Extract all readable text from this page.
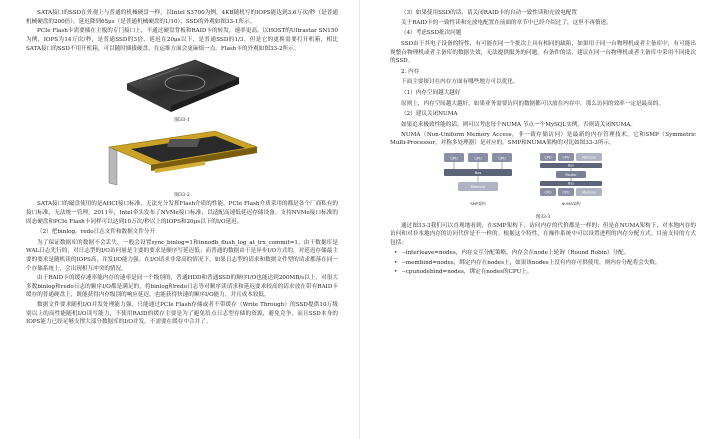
SATA接口的SSD在外观上与普通的机械硬盘一样，以Intel S3700为例，4KB随机写的IOPS能达到3.6万次/秒（是普通机械硬盘的200倍），延迟降到65μs（是普通机械硬盘的1/10），SSD的外观如图33-1所示。

PCIe Flash卡需要插在主板的专门接口上，不通过硬盘背板和RAID卡的转发，速率更高，以HOST的Ultrastar SN150 为例，IOPS为14万次/秒，是普通SSD的3倍，延迟在20μs以下，是普通SSD的1/3。但是它的更换需要打开机箱，相比SATA接口的SSD不用开机箱，可以随时插拔硬盘，在运维方面会更麻烦一点。Flash卡的外观如图33-2所示。

图33-1
图33-2

SATA接口的磁盘使用的是AHCI接口标准，无法充分发挥Flash介质的性能，PCIe Flash介质采用的都是各个厂商私有的接口标准，无法统一管理。2011年，Intel牵头发布了NVMe接口标准，以适配高速低延迟存储设备。支持NVMe接口标准的固态硬盘和PCIe Flash卡同样可以达到10万次/秒以上的IOPS和20μs以下的I/O延迟。

（2）把binlog、redo日志文件和数据文件分开

为了保证数据库的数据不会丢失，一般会设置sync_binlog=1和innodb_flush_log_at_trx_commit=1，由于数据库是WAL日志先行的，对日志型的I/O访问量是主要的要求是顺序写延迟低；而普通的数据由于是异步I/O方式的，对延迟存储最主要的要求是随机读的IOPS高，并发I/O能力强。在I/O请求非常高的情况下，如果日志型的请求和数据文件型的请求都落在同一个存储系统上，会出现相互冲突的情况。

由于RAID卡的缓存速率能内存的速率是同一个级别的，普通HDD和普通SSD的顺序I/O也能达到200MB/s以上，对很大多数binlog和redo日志的顺序I/O都是满足的，将binlog和redo日志等对顺序读请求和延迟要求较高的请求放在带有RAID卡缓存的普通硬盘上，既能获得内存级别的响应延迟，也能获得快速的顺序I/O能力，并且成本较低。

数据文件要求随机I/O并发处理能力强，只能通过PCIe Flash存储或者不带缓存（Write Through）的SSD提供10万级别以上的高性能随机I/O读写能力，不使用RAID的缓存主要是为了避免给点日志型存储的资源，避免竞争，而且SSD本身的IOPS能力已经足够支撑大部分数据库的I/O并发，不需要在缓存中合并了。

（3）如果使用SSD的话，请关闭RAID卡的自动一致性读和充放电配置

关于RAID卡的一致性读和充放电配置在前面的章节中已经介绍过了，这里不再赘述。

（4）考虑SSD批次问题

SSD由于其电子设备的特性，有可能在同一个批次上具有相同的缺陷，如果用于同一台物理机或者主备库中，有可能出现整台物理机或者主备库的数据失效，无法提供服务的问题。有条件的话，建议在同一台物理机或者主备库中采用不同批次的SSD。

2. 内存

下面主要探讨在内存方面有哪些地方可以优化。

（1）内存空间越大越好

原则上，内存空间越大越好，如果业务需要访问的数据都可以放在内存中，那么访问的效率一定是最高的。

（2）建议关闭NUMA

如果追求极致性能的话，则可以考虑每个NUMA 节点一个MySQL实例，否则请关闭NUMA。

NUMA（Non-Uniform Memory Access，非一致存储访问）是最新的内存管理技术，它和SMP（Symmetric Multi-Processor，对称多处理器）是对应的。SMP和NUMA架构的对比如图33-3所示。

CPU	CPU	CPU
Bus
Memory
SMP架构
CPU	CPU	Memory
Bus
Router
Bus
CPU	CPU	Memory
NUMA架构
图33-3

通过图33-3我们可以直观地看到，在SMP架构下，访问内存的代价都是一样的；但是在NUMA架构下，对本地内存的访问和对非本地内存的访问代价是不一样的。根据这个特性，在操作系统中可以设置进程的内存分配方式。目前支持的方式包括：

• --interleave=nodes，内存交互分配策略，内存会在node上轮询（Round Robin）分配。

• --membind=nodes，绑定内存在nodes上，如果该nodes上没有内存可供使用，则内存分配将会失败。

• --cpunodebind=nodes，绑定在nodes的CPU上。
